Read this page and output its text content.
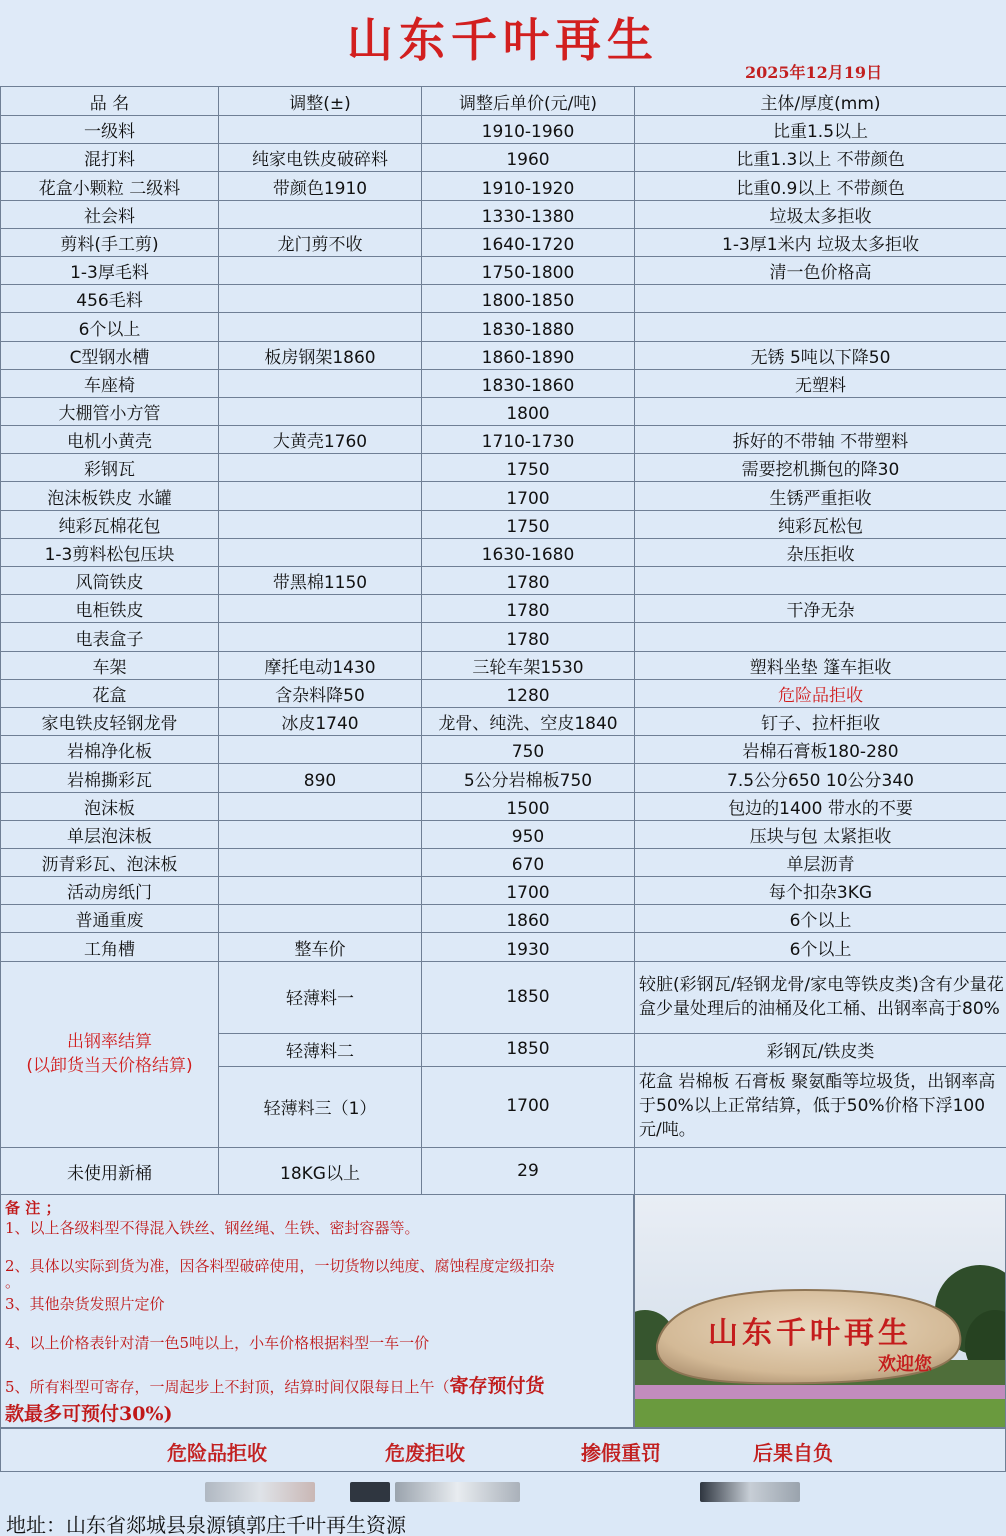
山东千叶再生
2025年12月19日
品 名	调整(±)	调整后单价(元/吨)	主体/厚度(mm)
一级料		1910-1960	比重1.5以上
混打料	纯家电铁皮破碎料	1960	比重1.3以上 不带颜色
花盒小颗粒 二级料	带颜色1910	1910-1920	比重0.9以上 不带颜色
社会料		1330-1380	垃圾太多拒收
剪料(手工剪)	龙门剪不收	1640-1720	1-3厚1米内 垃圾太多拒收
1-3厚毛料		1750-1800	清一色价格高
456毛料		1800-1850	
6个以上		1830-1880	
C型钢水槽	板房钢架1860	1860-1890	无锈 5吨以下降50
车座椅		1830-1860	无塑料
大棚管小方管		1800	
电机小黄壳	大黄壳1760	1710-1730	拆好的不带轴 不带塑料
彩钢瓦		1750	需要挖机撕包的降30
泡沫板铁皮 水罐		1700	生锈严重拒收
纯彩瓦棉花包		1750	纯彩瓦松包
1-3剪料松包压块		1630-1680	杂压拒收
风筒铁皮	带黑棉1150	1780	
电柜铁皮		1780	干净无杂
电表盒子		1780	
车架	摩托电动1430	三轮车架1530	塑料坐垫 篷车拒收
花盒	含杂料降50	1280	危险品拒收
家电铁皮轻钢龙骨	冰皮1740	龙骨、纯洗、空皮1840	钉子、拉杆拒收
岩棉净化板		750	岩棉石膏板180-280
岩棉撕彩瓦	890	5公分岩棉板750	7.5公分650 10公分340
泡沫板		1500	包边的1400 带水的不要
单层泡沫板		950	压块与包 太紧拒收
沥青彩瓦、泡沫板		670	单层沥青
活动房纸门		1700	每个扣杂3KG
普通重废		1860	6个以上
工角槽	整车价	1930	6个以上

出钢率结算
(以卸货当天价格结算)	轻薄料一	1850	较脏(彩钢瓦/轻钢龙骨/家电等铁皮类)含有少量花盒少量处理后的油桶及化工桶、出钢率高于80%
	轻薄料二	1850	彩钢瓦/铁皮类
	轻薄料三（1）	1700	花盒 岩棉板 石膏板 聚氨酯等垃圾货，出钢率高于50%以上正常结算，低于50%价格下浮100元/吨。
未使用新桶	18KG以上	29	
备 注 ；
1、以上各级料型不得混入铁丝、钢丝绳、生铁、密封容器等。
2、具体以实际到货为准，因各料型破碎使用，一切货物以纯度、腐蚀程度定级扣杂
。
3、其他杂货发照片定价
4、以上价格表针对清一色5吨以上，小车价格根据料型一车一价
5、所有料型可寄存，一周起步上不封顶，结算时间仅限每日上午（寄存预付货
款最多可预付30%)
山东千叶再生
欢迎您
危险品拒收	危废拒收	掺假重罚	后果自负
地址：山东省郯城县泉源镇郭庄千叶再生资源
